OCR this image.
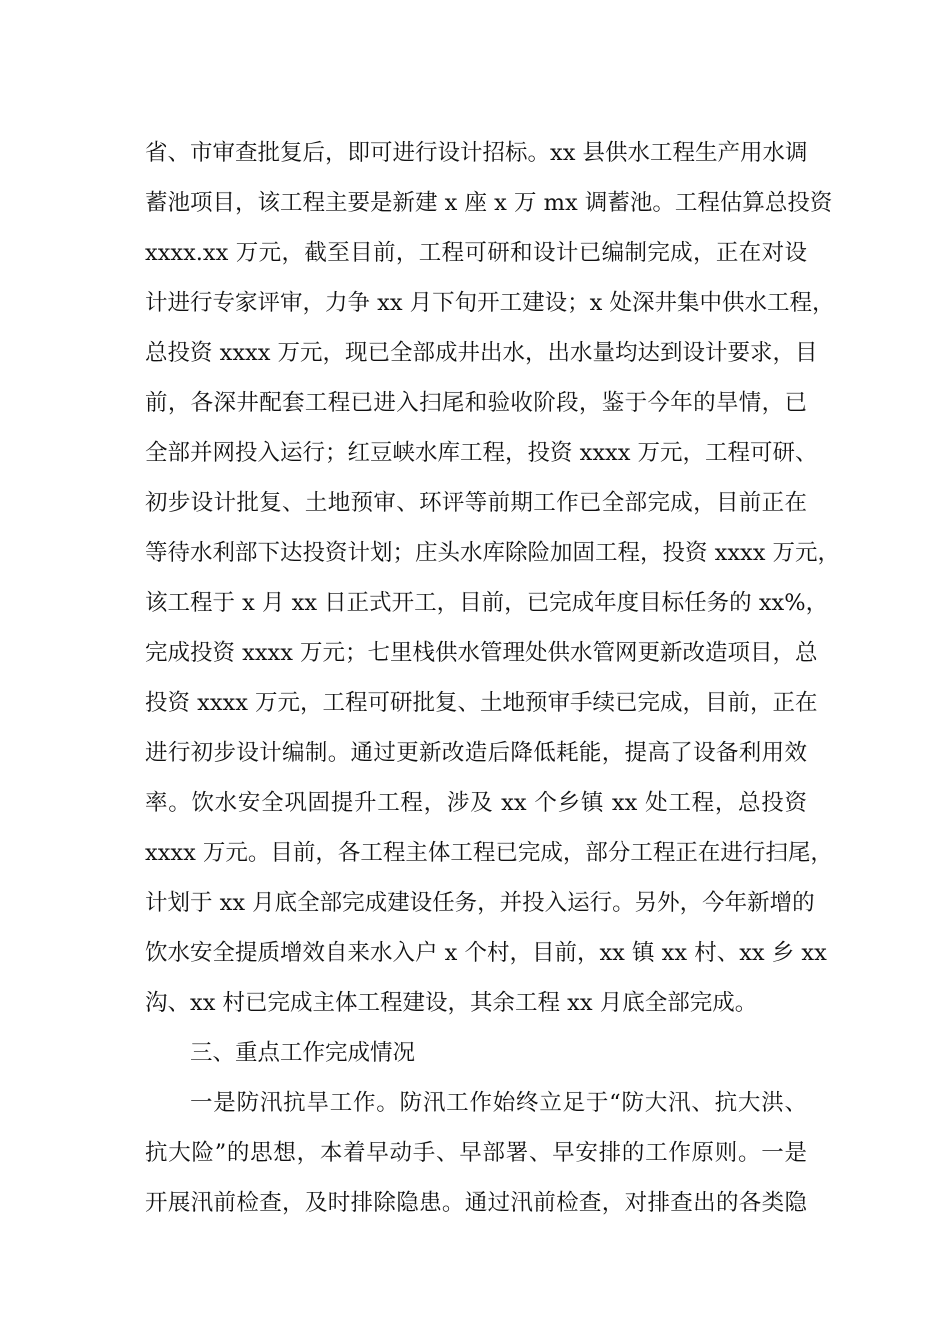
省、市审查批复后，即可进行设计招标。xx 县供水工程生产用水调
蓄池项目，该工程主要是新建 x 座 x 万 mx 调蓄池。工程估算总投资
xxxx.xx 万元，截至目前，工程可研和设计已编制完成，正在对设
计进行专家评审，力争 xx 月下旬开工建设；x 处深井集中供水工程，
总投资 xxxx 万元，现已全部成井出水，出水量均达到设计要求，目
前，各深井配套工程已进入扫尾和验收阶段，鉴于今年的旱情，已
全部并网投入运行；红豆峡水库工程，投资 xxxx 万元，工程可研、
初步设计批复、土地预审、环评等前期工作已全部完成，目前正在
等待水利部下达投资计划；庄头水库除险加固工程，投资 xxxx 万元，
该工程于 x 月 xx 日正式开工，目前，已完成年度目标任务的 xx%，
完成投资 xxxx 万元；七里栈供水管理处供水管网更新改造项目，总
投资 xxxx 万元，工程可研批复、土地预审手续已完成，目前，正在
进行初步设计编制。通过更新改造后降低耗能，提高了设备利用效
率。饮水安全巩固提升工程，涉及 xx 个乡镇 xx 处工程，总投资
xxxx 万元。目前，各工程主体工程已完成，部分工程正在进行扫尾，
计划于 xx 月底全部完成建设任务，并投入运行。另外，今年新增的
饮水安全提质增效自来水入户 x 个村，目前，xx 镇 xx 村、xx 乡 xx
沟、xx 村已完成主体工程建设，其余工程 xx 月底全部完成。
三、重点工作完成情况
一是防汛抗旱工作。防汛工作始终立足于“防大汛、抗大洪、
抗大险”的思想，本着早动手、早部署、早安排的工作原则。一是
开展汛前检查，及时排除隐患。通过汛前检查，对排查出的各类隐
